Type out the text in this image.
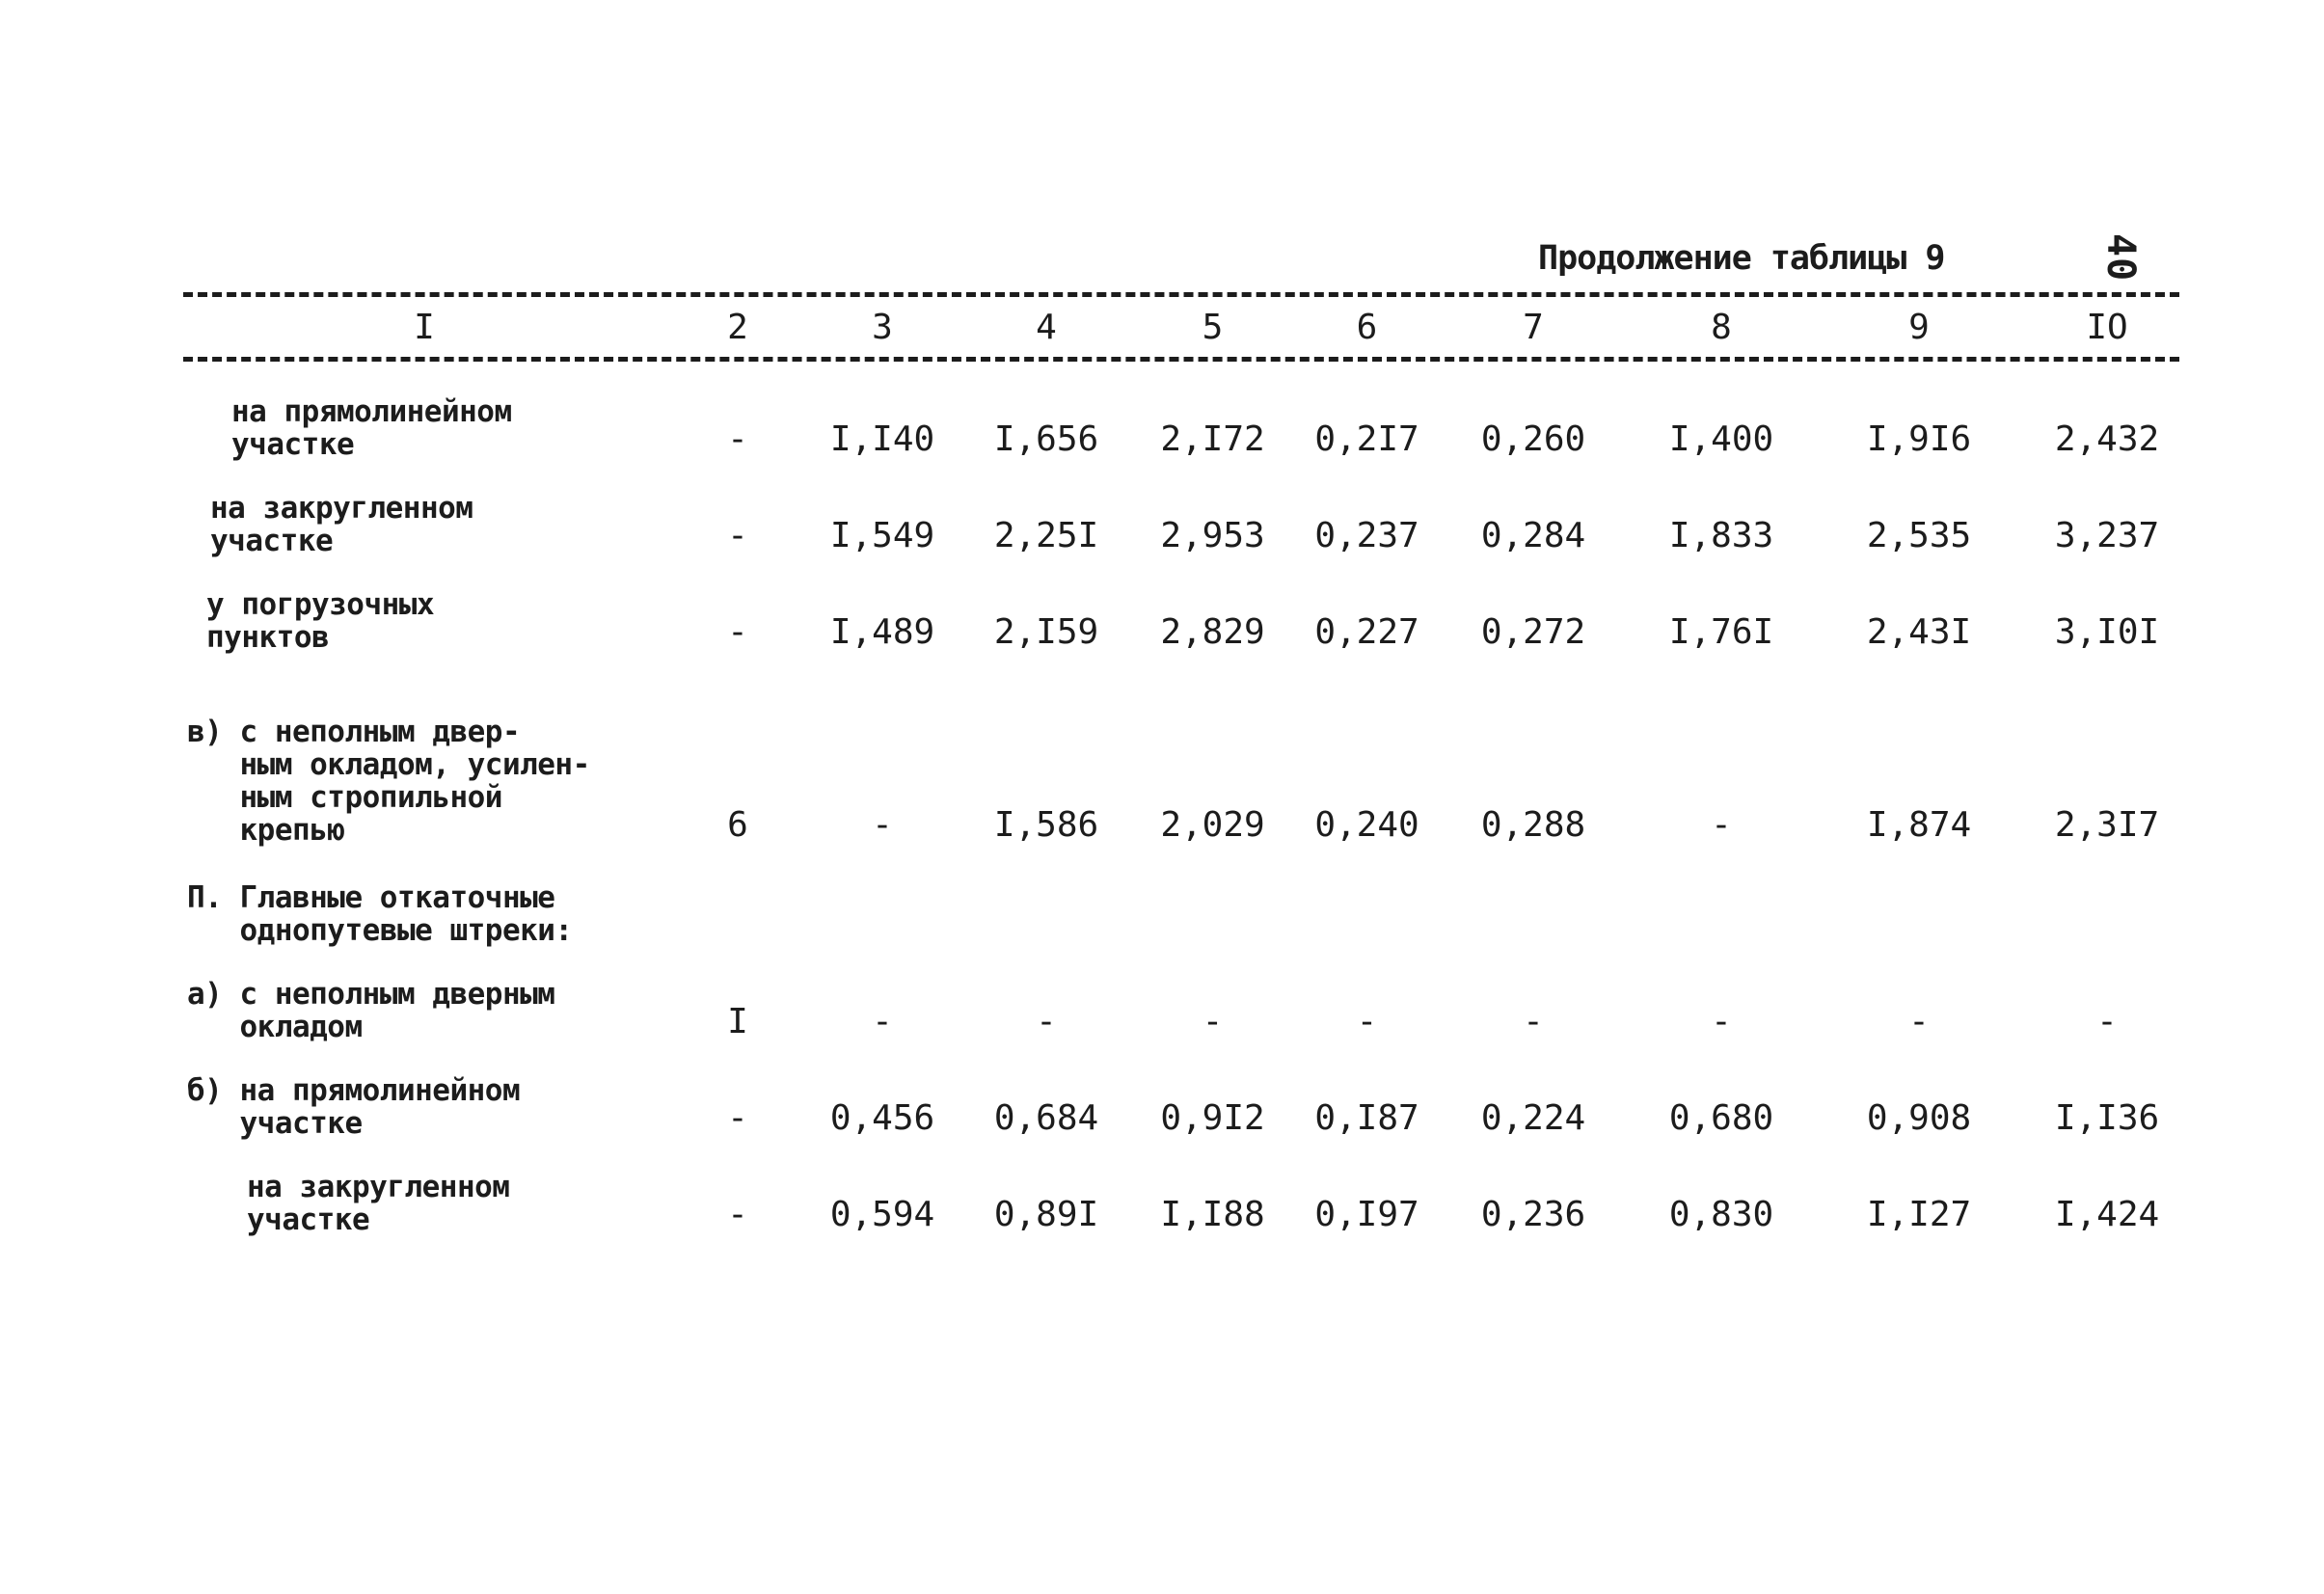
40
Продолжение таблицы 9
I	2	3	4	5	6	7	8	9	IO

на прямолинейном
участке	-	I,I40	I,656	2,I72	0,2I7	0,260	I,400	I,9I6	2,432

на закругленном
участке	-	I,549	2,25I	2,953	0,237	0,284	I,833	2,535	3,237

у погрузочных
пунктов	-	I,489	2,I59	2,829	0,227	0,272	I,76I	2,43I	3,I0I

в) с неполным двер-
ным окладом, усилен-
ным стропильной
крепью	6	-	I,586	2,029	0,240	0,288	-	I,874	2,3I7

П. Главные откаточные
однопутевые штреки:									

а) с неполным дверным
окладом	I	-	-	-	-	-	-	-	-

б) на прямолинейном
участке	-	0,456	0,684	0,9I2	0,I87	0,224	0,680	0,908	I,I36

на закругленном
участке	-	0,594	0,89I	I,I88	0,I97	0,236	0,830	I,I27	I,424
